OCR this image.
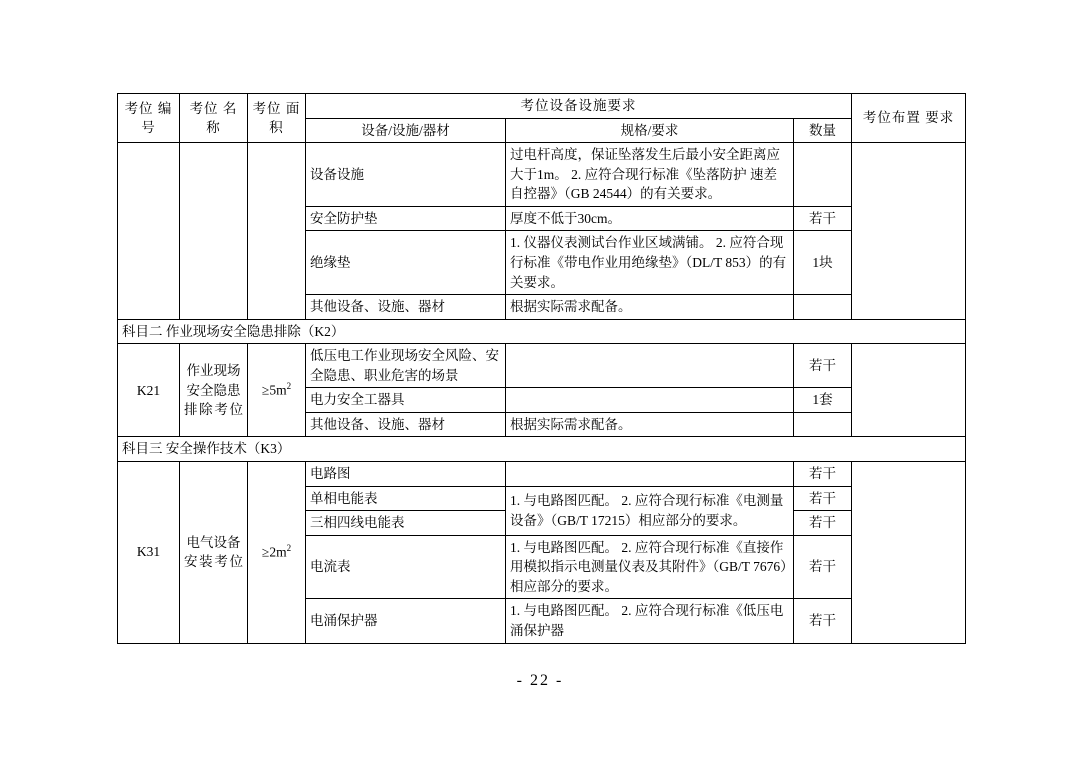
考位 编号	考位 名称	考位 面积	考位设备设施要求			考位布置 要求
			设备/设施/器材	规格/要求	数量	
			设备设施	过电杆高度，保证坠落发生后最小安全距离应大于1m。 2. 应符合现行标准《坠落防护 速差自控器》（GB 24544）的有关要求。		
			安全防护垫	厚度不低于30cm。	若干	
			绝缘垫	1. 仪器仪表测试台作业区域满铺。 2. 应符合现行标准《带电作业用绝缘垫》（DL/T 853）的有关要求。	1块	
			其他设备、设施、器材	根据实际需求配备。		
科目二 作业现场安全隐患排除（K2）						
K21	作业现场安全隐患排除考位	$\ge 5m^2$	低压电工作业现场安全风险、安全隐患、职业危害的场景		若干	
			电力安全工器具		1套	
			其他设备、设施、器材	根据实际需求配备。		
科目三 安全操作技术（K3）						
K31	电气设备安装考位	$\ge 2m^2$	电路图		若干	
			单相电能表	1. 与电路图匹配。 2. 应符合现行标准《电测量设备》（GB/T 17215）相应部分的要求。	若干	
			三相四线电能表		若干	
			电流表	1. 与电路图匹配。 2. 应符合现行标准《直接作用模拟指示电测量仪表及其附件》（GB/T 7676）相应部分的要求。	若干	
			电涌保护器	1. 与电路图匹配。 2. 应符合现行标准《低压电涌保护器	若干	
- 22 -
